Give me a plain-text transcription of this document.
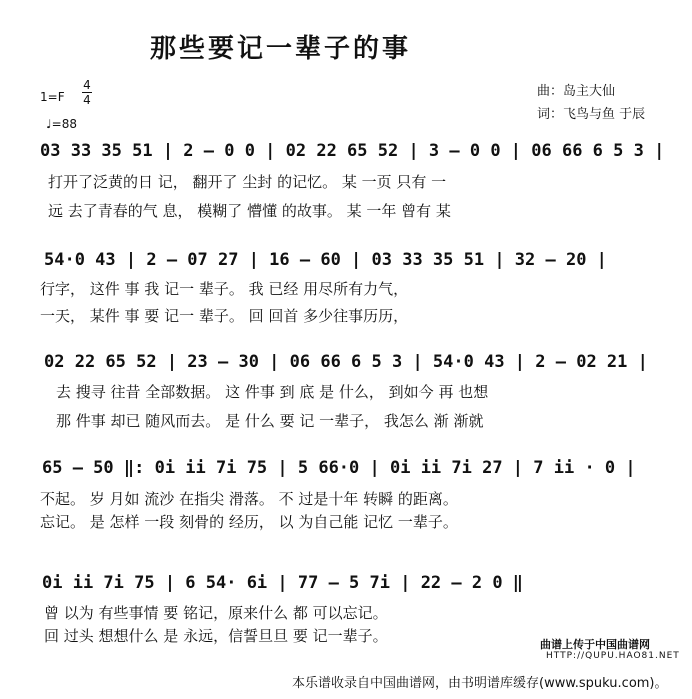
那些要记一辈子的事
1=F
4
4
♩=88
曲：岛主大仙
词：飞鸟与鱼 于辰
03 33 35 51 | 2 – 0 0 | 02 22 65 52 | 3 – 0 0 | 06 66 6 5 3 |
打开了泛黄的日 记， 翻开了 尘封 的记忆。 某 一页 只有 一
远 去了青春的气 息， 模糊了 懵懂 的故事。 某 一年 曾有 某
54·0 43 | 2 – 07 27 | 16 – 60 | 03 33 35 51 | 32 – 20 |
行字， 这件 事 我 记一 辈子。 我 已经 用尽所有力气，
一天， 某件 事 要 记一 辈子。 回 回首 多少往事历历，
02 22 65 52 | 23 – 30 | 06 66 6 5 3 | 54·0 43 | 2 – 02 21 |
去 搜寻 往昔 全部数据。 这 件事 到 底 是 什么， 到如今 再 也想
那 件事 却已 随风而去。 是 什么 要 记 一辈子， 我怎么 渐 渐就
65 – 50 ‖: 0i ii 7i 75 | 5 66·0 | 0i ii 7i 27 | 7 ii · 0 |
不起。 岁 月如 流沙 在指尖 滑落。 不 过是十年 转瞬 的距离。
忘记。 是 怎样 一段 刻骨的 经历， 以 为自己能 记忆 一辈子。
0i ii 7i 75 | 6 54· 6i | 77 – 5 7i | 22 – 2 0 ‖
曾 以为 有些事情 要 铭记，原来什么 都 可以忘记。
回 过头 想想什么 是 永远，信誓旦旦 要 记一辈子。	曲谱上传于中国曲谱网
HTTP://QUPU.HAO81.NET
本乐谱收录自中国曲谱网，由书明谱库缓存(www.spuku.com)。
